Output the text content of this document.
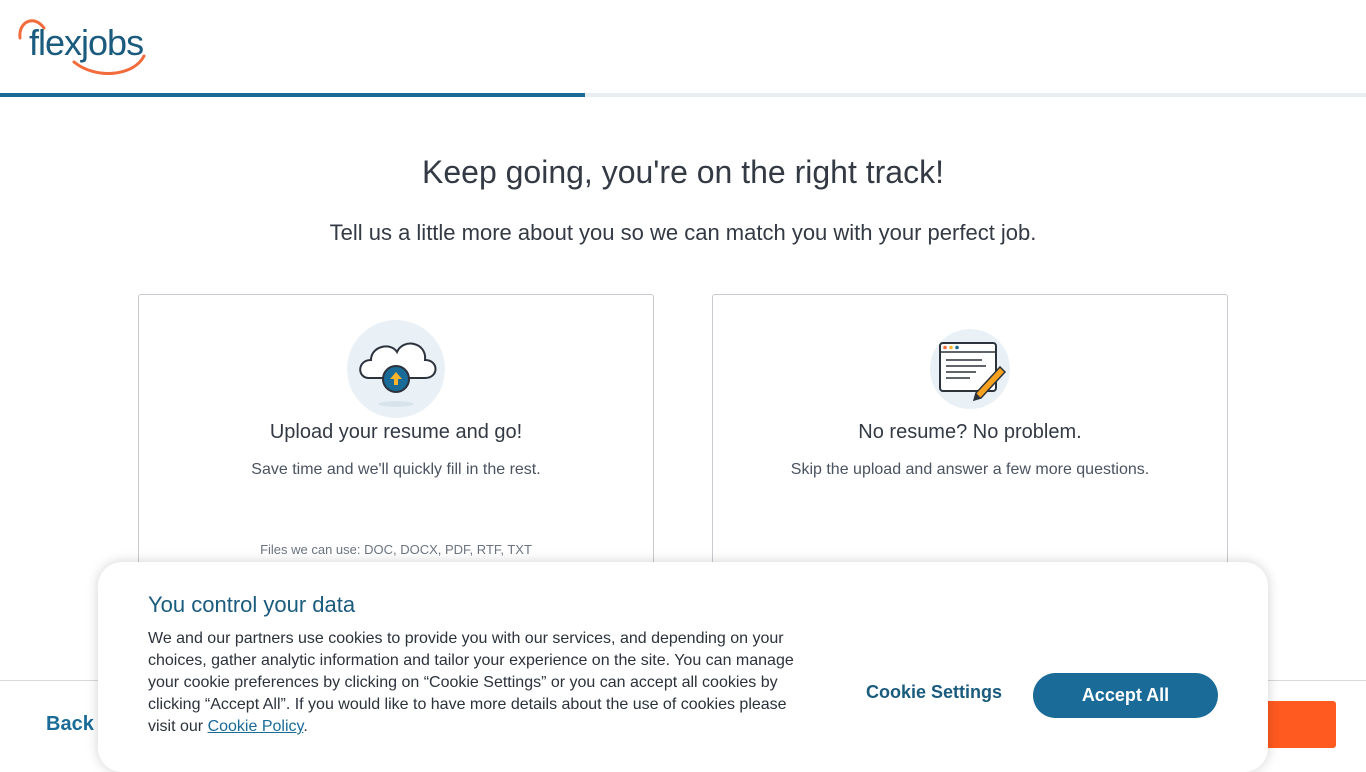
flexjobs
Keep going, you're on the right track!

Tell us a little more about you so we can match you with your perfect job.

Upload your resume and go!
Save time and we'll quickly fill in the rest.
Files we can use: DOC, DOCX, PDF, RTF, TXT
No resume? No problem.
Skip the upload and answer a few more questions.
Back
You control your data

We and our partners use cookies to provide you with our services, and depending on your choices, gather analytic information and tailor your experience on the site. You can manage your cookie preferences by clicking on “Cookie Settings” or you can accept all cookies by clicking “Accept All”. If you would like to have more details about the use of cookies please visit our Cookie Policy.

Cookie Settings	Accept All
